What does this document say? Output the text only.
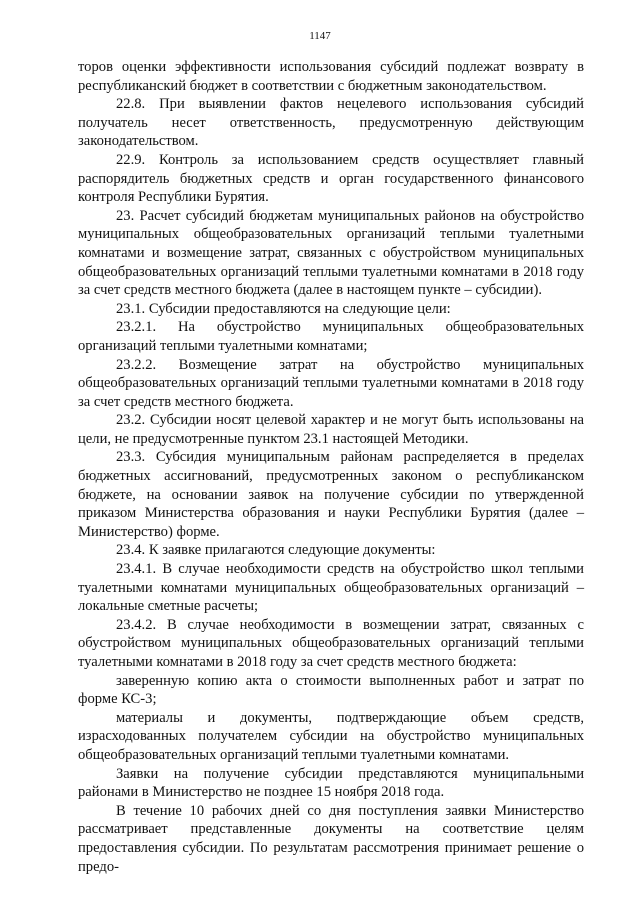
1147

торов оценки эффективности использования субсидий подлежат возврату в республиканский бюджет в соответствии с бюджетным законодательством.

22.8. При выявлении фактов нецелевого использования субсидий получатель несет ответственность, предусмотренную действующим законодательством.

22.9. Контроль за использованием средств осуществляет главный распорядитель бюджетных средств и орган государственного финансового контроля Республики Бурятия.

23. Расчет субсидий бюджетам муниципальных районов на обустройство муниципальных общеобразовательных организаций теплыми туалетными комнатами и возмещение затрат, связанных с обустройством муниципальных общеобразовательных организаций теплыми туалетными комнатами в 2018 году за счет средств местного бюджета (далее в настоящем пункте – субсидии).

23.1. Субсидии предоставляются на следующие цели:

23.2.1. На обустройство муниципальных общеобразовательных организаций теплыми туалетными комнатами;

23.2.2. Возмещение затрат на обустройство муниципальных общеобразовательных организаций теплыми туалетными комнатами в 2018 году за счет средств местного бюджета.

23.2. Субсидии носят целевой характер и не могут быть использованы на цели, не предусмотренные пунктом 23.1 настоящей Методики.

23.3. Субсидия муниципальным районам распределяется в пределах бюджетных ассигнований, предусмотренных законом о республиканском бюджете, на основании заявок на получение субсидии по утвержденной приказом Министерства образования и науки Республики Бурятия (далее – Министерство) форме.

23.4. К заявке прилагаются следующие документы:

23.4.1. В случае необходимости средств на обустройство школ теплыми туалетными комнатами муниципальных общеобразовательных организаций – локальные сметные расчеты;

23.4.2. В случае необходимости в возмещении затрат, связанных с обустройством муниципальных общеобразовательных организаций теплыми туалетными комнатами в 2018 году за счет средств местного бюджета:

заверенную копию акта о стоимости выполненных работ и затрат по форме КС-3;

материалы и документы, подтверждающие объем средств, израсходованных получателем субсидии на обустройство муниципальных общеобразовательных организаций теплыми туалетными комнатами.

Заявки на получение субсидии представляются муниципальными районами в Министерство не позднее 15 ноября 2018 года.

В течение 10 рабочих дней со дня поступления заявки Министерство рассматривает представленные документы на соответствие целям предоставления субсидии. По результатам рассмотрения принимает решение о предо-
